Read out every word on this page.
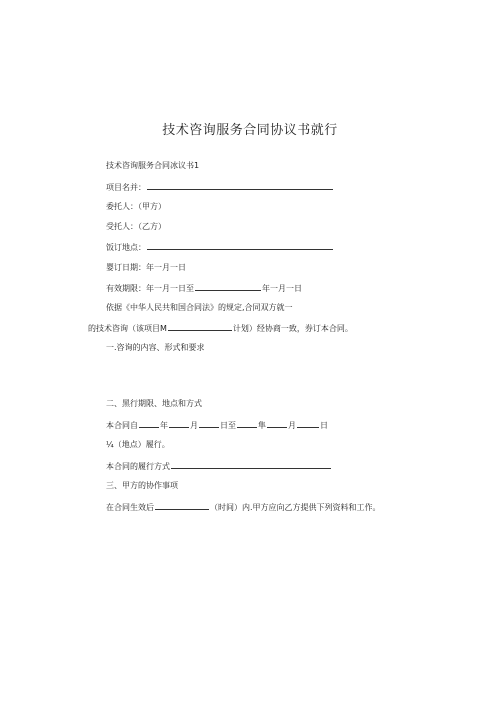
技术咨询服务合同协议书就行
技术咨询服务合同冰议书1
项目名并：
委托人：（甲方）
受托人：（乙方）
饭订地点：
婴订日期：年一月一日
有效期限：年一月一日至	年一月一日
依据《中华人民共和国合同法》的规定,合同双方就一
的技术咨询（该项目M	计划）经协商一致，券订本合同。
一.咨询的内容、形式和要求
二、黑行期限、地点和方式
本合同自	年	月	日至	隼	月	日
¼（地点）履行。
本合同的履行方式
三、甲方的协作事项
在合同生效后	（时间）内.甲方应向乙方提供下列资料和工作。
